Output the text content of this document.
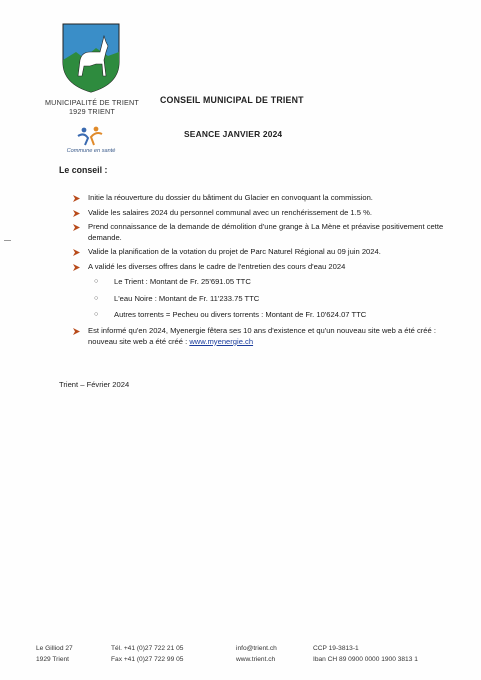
MUNICIPALITÉ DE TRIENT
1929 TRIENT
Commune en santé
CONSEIL MUNICIPAL DE TRIENT
SEANCE JANVIER 2024
Le conseil :
Initie la réouverture du dossier du bâtiment du Glacier en convoquant la commission.
Valide les salaires 2024 du personnel communal avec un renchérissement de 1.5 %.
Prend connaissance de la demande de démolition d'une grange à La Mène et préavise positivement cette demande.
Valide la planification de la votation du projet de Parc Naturel Régional au 09 juin 2024.
A validé les diverses offres dans le cadre de l'entretien des cours d'eau 2024
○ Le Trient : Montant de Fr. 25'691.05 TTC
○ L'eau Noire : Montant de Fr. 11'233.75 TTC
○ Autres torrents = Pecheu ou divers torrents : Montant de Fr. 10'624.07 TTC
Est informé qu'en 2024, Myenergie fêtera ses 10 ans d'existence et qu'un nouveau site web a été créé : nouveau site web a été créé : www.myenergie.ch
Trient – Février 2024
Le Gilliod 27
1929 Trient
Tél. +41 (0)27 722 21 05
Fax +41 (0)27 722 99 05
info@trient.ch
www.trient.ch
CCP 19-3813-1
Iban CH 89 0900 0000 1900 3813 1
